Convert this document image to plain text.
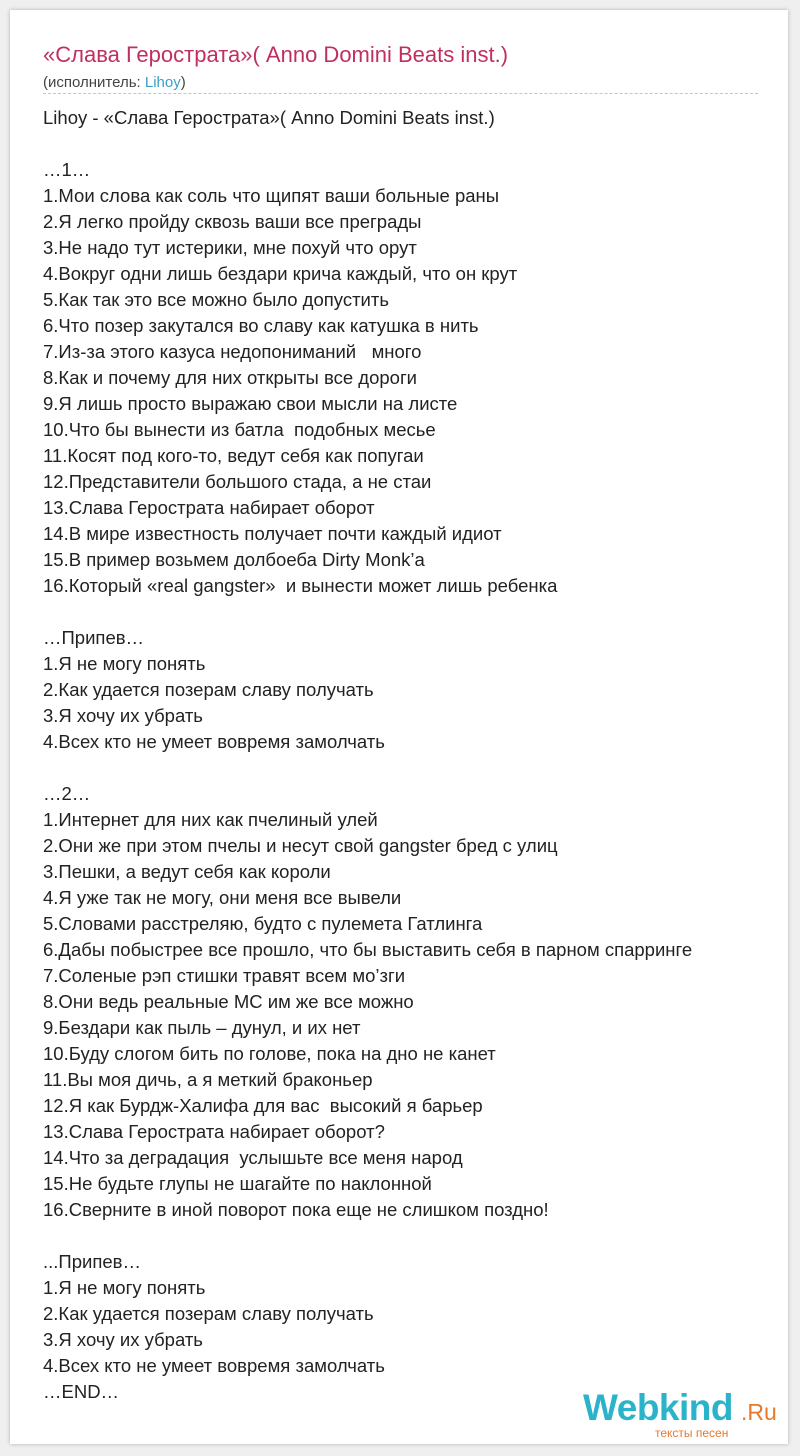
«Слава Герострата»( Anno Domini Beats inst.)
(исполнитель: Lihoy)
Lihoy - «Слава Герострата»( Anno Domini Beats inst.)
…1…
1.Мои слова как соль что щипят ваши больные раны
2.Я легко пройду сквозь ваши все преграды
3.Не надо тут истерики, мне похуй что орут
4.Вокруг одни лишь бездари крича каждый, что он крут
5.Как так это все можно было допустить
6.Что позер закутался во славу как катушка в нить
7.Из-за этого казуса недопониманий   много
8.Как и почему для них открыты все дороги
9.Я лишь просто выражаю свои мысли на листе
10.Что бы вынести из батла  подобных месье
11.Косят под кого-то, ведут себя как попугаи
12.Представители большого стада, а не стаи
13.Слава Герострата набирает оборот
14.В мире известность получает почти каждый идиот
15.В пример возьмем долбоеба Dirty Monk’a
16.Который «real gangster»  и вынести может лишь ребенка
…Припев…
1.Я не могу понять
2.Как удается позерам славу получать
3.Я хочу их убрать
4.Всех кто не умеет вовремя замолчать
…2…
1.Интернет для них как пчелиный улей
2.Они же при этом пчелы и несут свой gangster бред с улиц
3.Пешки, а ведут себя как короли
4.Я уже так не могу, они меня все вывели
5.Словами расстреляю, будто с пулемета Гатлинга
6.Дабы побыстрее все прошло, что бы выставить себя в парном спарринге
7.Соленые рэп стишки травят всем мо’зги
8.Они ведь реальные МС им же все можно
9.Бездари как пыль – дунул, и их нет
10.Буду слогом бить по голове, пока на дно не канет
11.Вы моя дичь, а я меткий браконьер
12.Я как Бурдж-Халифа для вас  высокий я барьер
13.Слава Герострата набирает оборот?
14.Что за деградация  услышьте все меня народ
15.Не будьте глупы не шагайте по наклонной
16.Сверните в иной поворот пока еще не слишком поздно!
...Припев…
1.Я не могу понять
2.Как удается позерам славу получать
3.Я хочу их убрать
4.Всех кто не умеет вовремя замолчать
…END…	Webkind .Ru
тексты песен
